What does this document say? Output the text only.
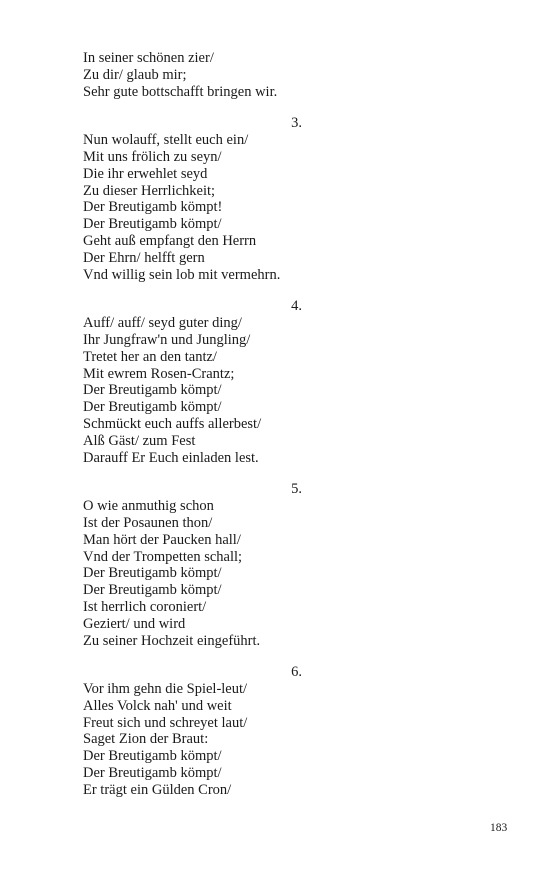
In seiner schönen zier/
Zu dir/ glaub mir;
Sehr gute bottschafft bringen wir.
3.
Nun wolauff, stellt euch ein/
Mit uns frölich zu seyn/
Die ihr erwehlet seyd
Zu dieser Herrlichkeit;
Der Breutigamb kömpt!
Der Breutigamb kömpt/
Geht auß empfangt den Herrn
Der Ehrn/ helfft gern
Vnd willig sein lob mit vermehrn.
4.
Auff/ auff/ seyd guter ding/
Ihr Jungfraw'n und Jungling/
Tretet her an den tantz/
Mit ewrem Rosen-Crantz;
Der Breutigamb kömpt/
Der Breutigamb kömpt/
Schmückt euch auffs allerbest/
Alß Gäst/ zum Fest
Darauff Er Euch einladen lest.
5.
O wie anmuthig schon
Ist der Posaunen thon/
Man hört der Paucken hall/
Vnd der Trompetten schall;
Der Breutigamb kömpt/
Der Breutigamb kömpt/
Ist herrlich coroniert/
Geziert/ und wird
Zu seiner Hochzeit eingeführt.
6.
Vor ihm gehn die Spiel-leut/
Alles Volck nah' und weit
Freut sich und schreyet laut/
Saget Zion der Braut:
Der Breutigamb kömpt/
Der Breutigamb kömpt/
Er trägt ein Gülden Cron/
183
